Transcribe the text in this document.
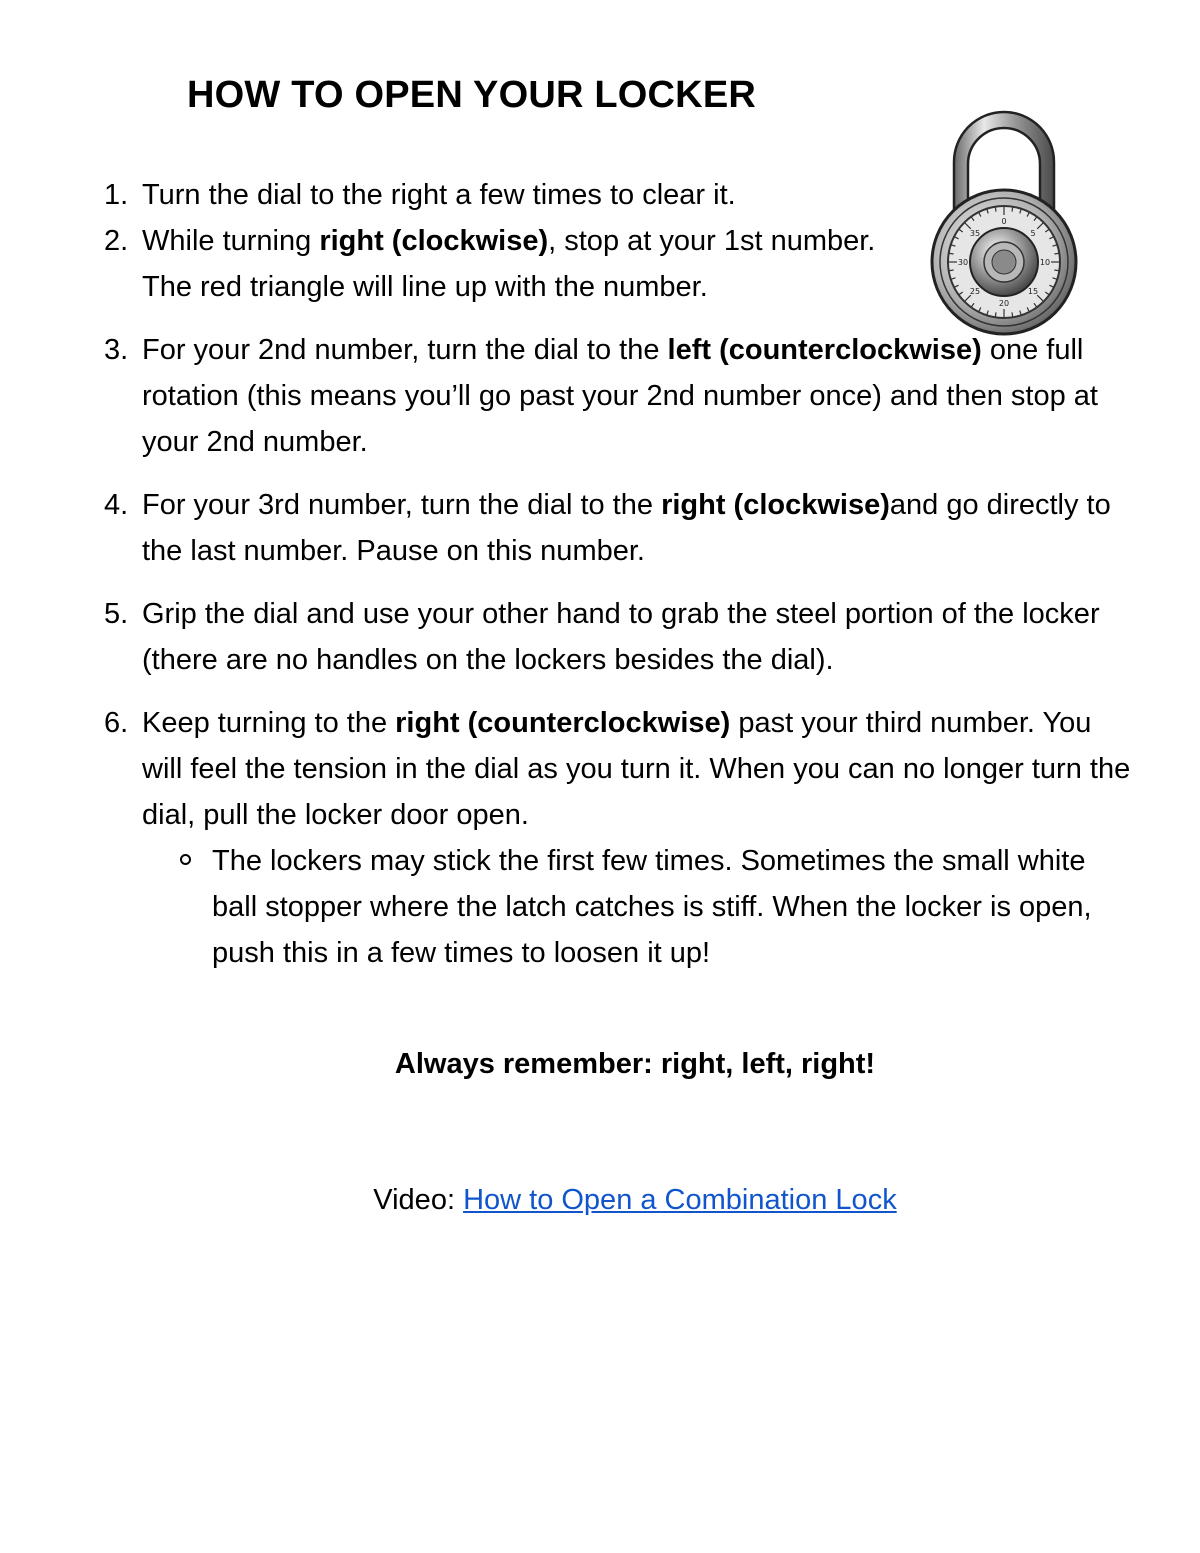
HOW TO OPEN YOUR LOCKER
0
5
10
15
20
25
30
35
1. Turn the dial to the right a few times to clear it.
2. While turning right (clockwise), stop at your 1st number. The red triangle will line up with the number.
3. For your 2nd number, turn the dial to the left (counterclockwise) one full rotation (this means you’ll go past your 2nd number once) and then stop at your 2nd number.
4. For your 3rd number, turn the dial to the right (clockwise)and go directly to the last number. Pause on this number.
5. Grip the dial and use your other hand to grab the steel portion of the locker (there are no handles on the lockers besides the dial).
6. Keep turning to the right (counterclockwise) past your third number. You will feel the tension in the dial as you turn it. When you can no longer turn the dial, pull the locker door open.
The lockers may stick the first few times. Sometimes the small white ball stopper where the latch catches is stiff. When the locker is open, push this in a few times to loosen it up!
Always remember: right, left, right!
Video: How to Open a Combination Lock
